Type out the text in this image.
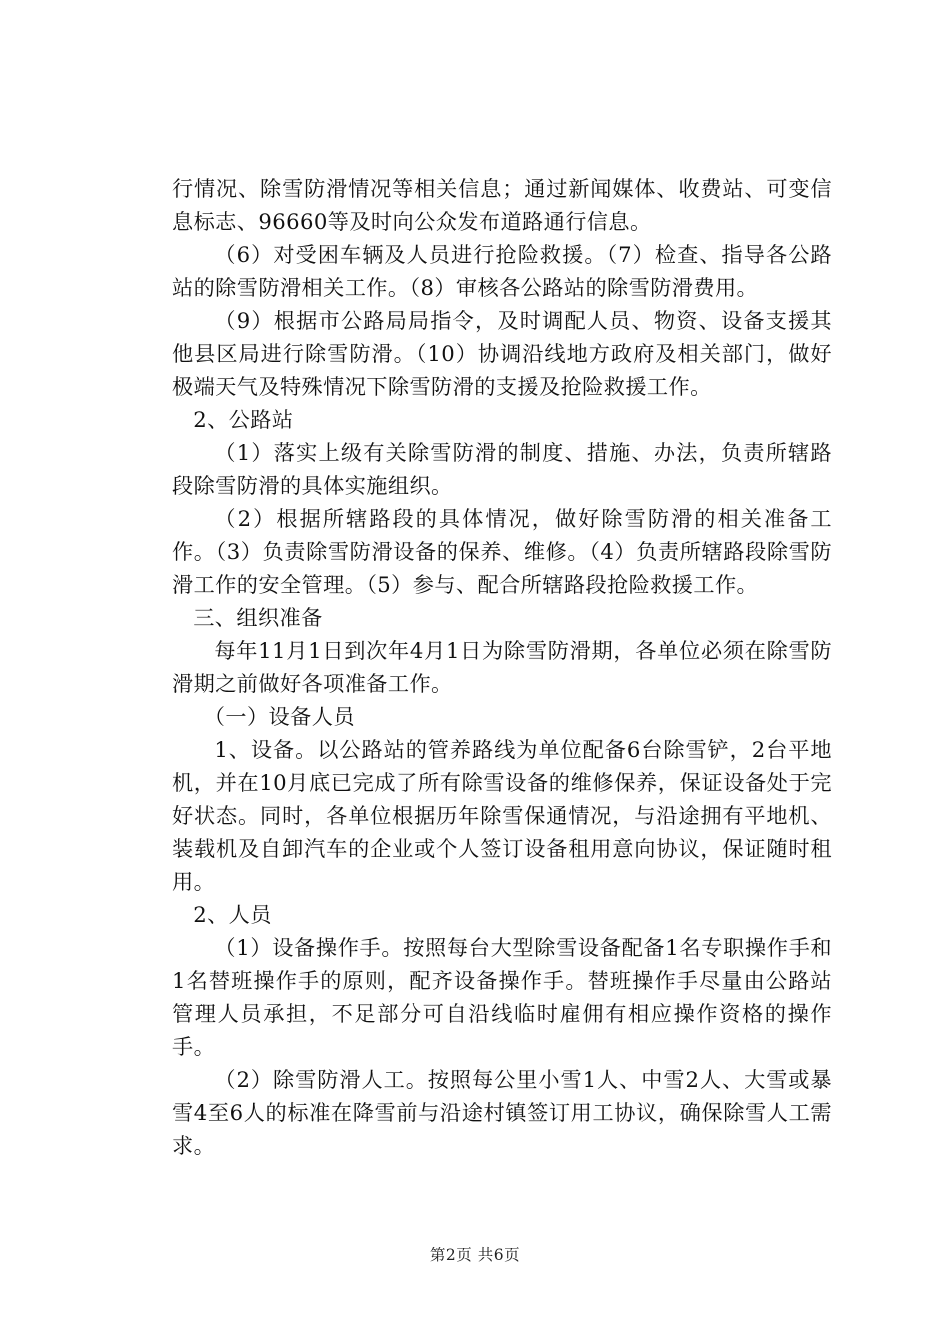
行情况、除雪防滑情况等相关信息；通过新闻媒体、收费站、可变信息标志、96660等及时向公众发布道路通行信息。

（6）对受困车辆及人员进行抢险救援。（7）检查、指导各公路站的除雪防滑相关工作。（8）审核各公路站的除雪防滑费用。

（9）根据市公路局局指令，及时调配人员、物资、设备支援其他县区局进行除雪防滑。（10）协调沿线地方政府及相关部门，做好极端天气及特殊情况下除雪防滑的支援及抢险救援工作。

2、公路站

（1）落实上级有关除雪防滑的制度、措施、办法，负责所辖路段除雪防滑的具体实施组织。

（2）根据所辖路段的具体情况，做好除雪防滑的相关准备工作。（3）负责除雪防滑设备的保养、维修。（4）负责所辖路段除雪防滑工作的安全管理。（5）参与、配合所辖路段抢险救援工作。

三、组织准备

每年11月1日到次年4月1日为除雪防滑期，各单位必须在除雪防滑期之前做好各项准备工作。

（一）设备人员

1、设备。以公路站的管养路线为单位配备6台除雪铲，2台平地机，并在10月底已完成了所有除雪设备的维修保养，保证设备处于完好状态。同时，各单位根据历年除雪保通情况，与沿途拥有平地机、装载机及自卸汽车的企业或个人签订设备租用意向协议，保证随时租用。

2、人员

（1）设备操作手。按照每台大型除雪设备配备1名专职操作手和1名替班操作手的原则，配齐设备操作手。替班操作手尽量由公路站管理人员承担，不足部分可自沿线临时雇佣有相应操作资格的操作手。

（2）除雪防滑人工。按照每公里小雪1人、中雪2人、大雪或暴雪4至6人的标准在降雪前与沿途村镇签订用工协议，确保除雪人工需求。

第2页 共6页
